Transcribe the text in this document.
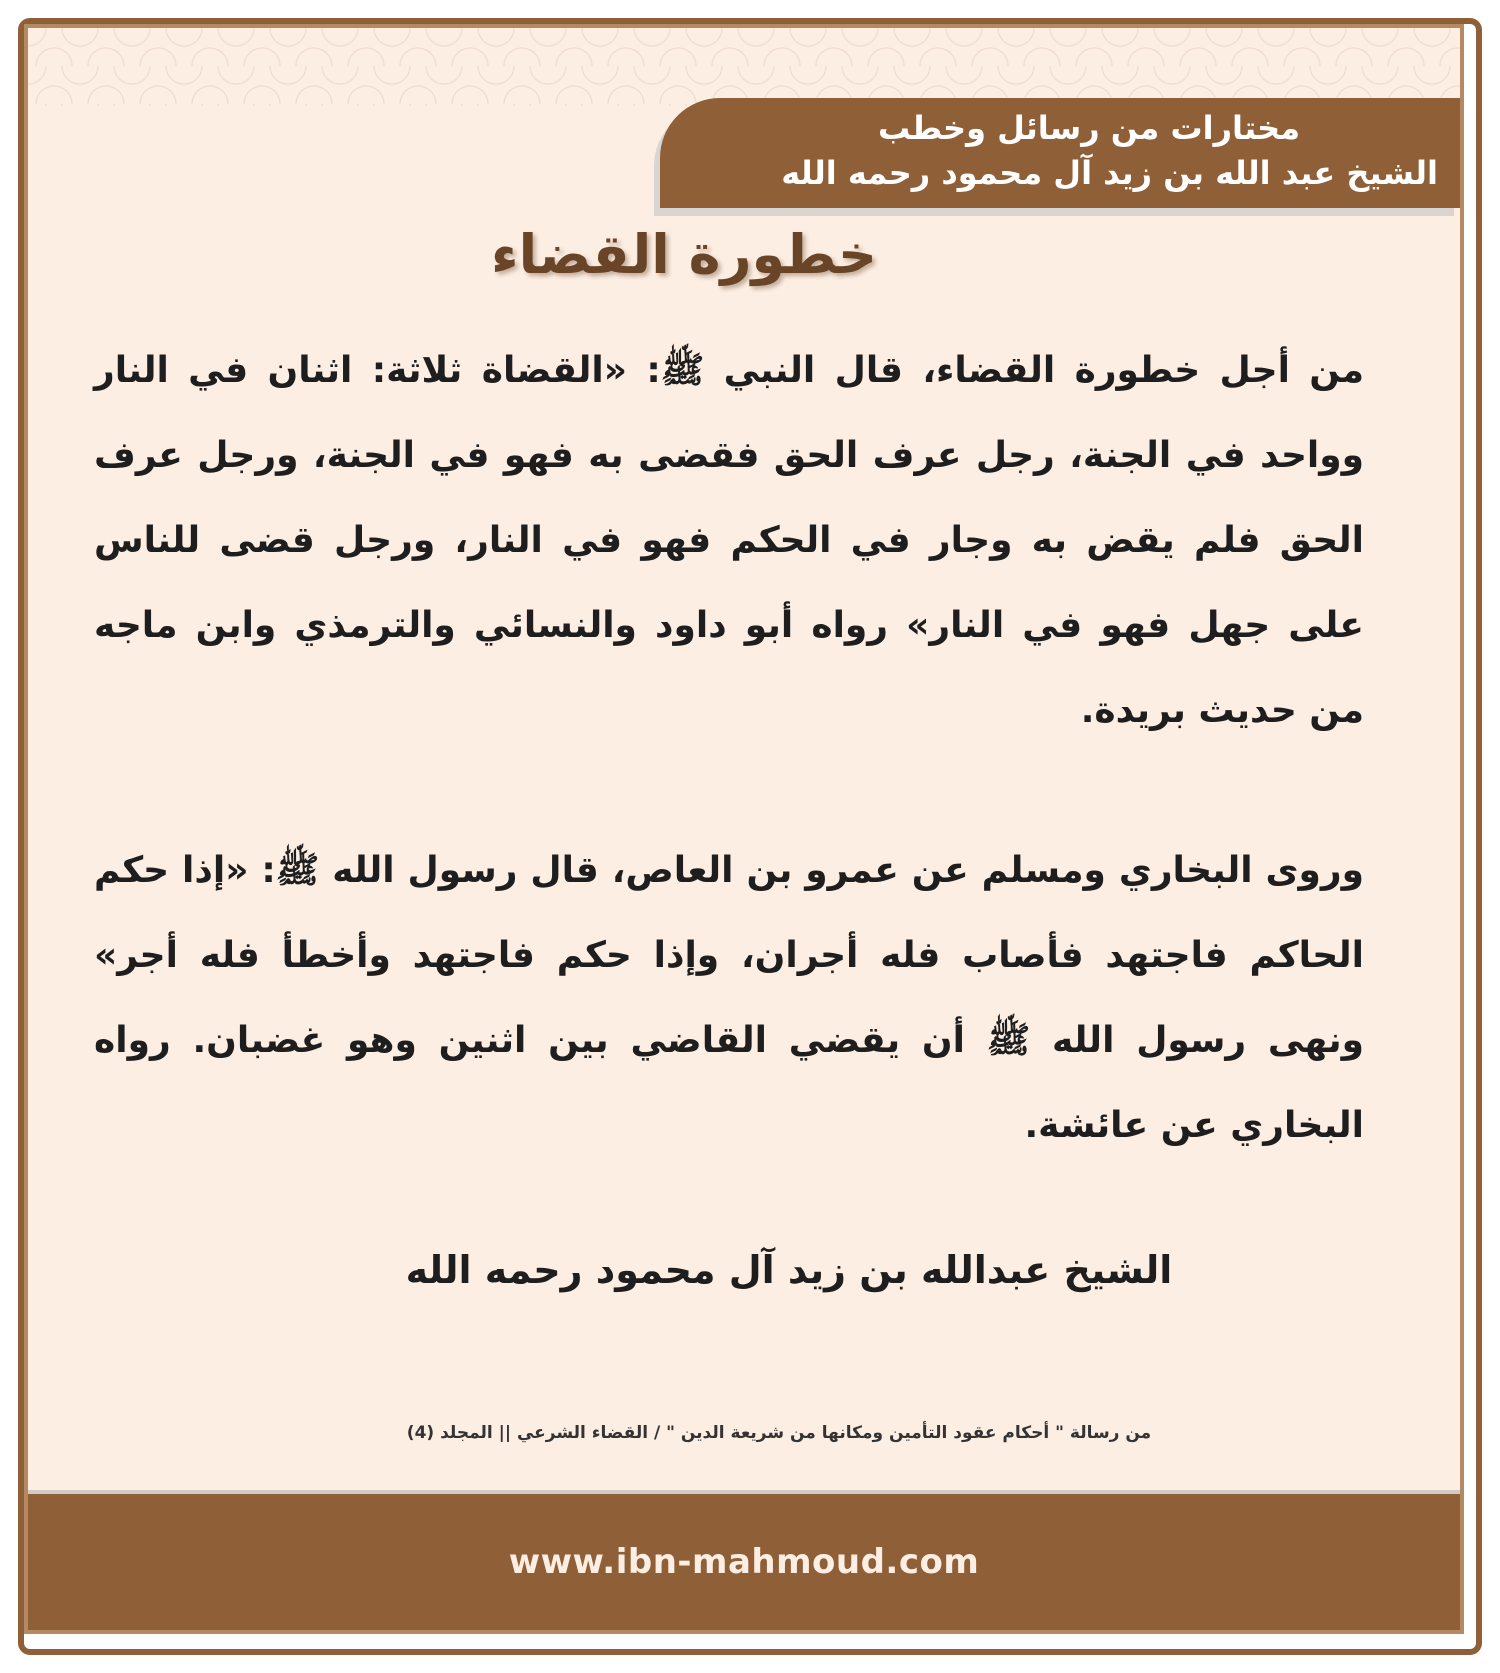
مختارات من رسائل وخطب
الشيخ عبد الله بن زيد آل محمود رحمه الله
خطورة القضاء
من أجل خطورة القضاء، قال النبي ﷺ: «القضاة ثلاثة: اثنان في النار وواحد في الجنة، رجل عرف الحق فقضى به فهو في الجنة، ورجل عرف الحق فلم يقض به وجار في الحكم فهو في النار، ورجل قضى للناس على جهل فهو في النار» رواه أبو داود والنسائي والترمذي وابن ماجه من حديث بريدة.
وروى البخاري ومسلم عن عمرو بن العاص، قال رسول الله ﷺ: «إذا حكم الحاكم فاجتهد فأصاب فله أجران، وإذا حكم فاجتهد وأخطأ فله أجر» ونهى رسول الله ﷺ أن يقضي القاضي بين اثنين وهو غضبان. رواه البخاري عن عائشة.
الشيخ عبدالله بن زيد آل محمود رحمه الله
من رسالة " أحكام عقود التأمين ومكانها من شريعة الدين " / القضاء الشرعي || المجلد (4)
www.ibn-mahmoud.com
